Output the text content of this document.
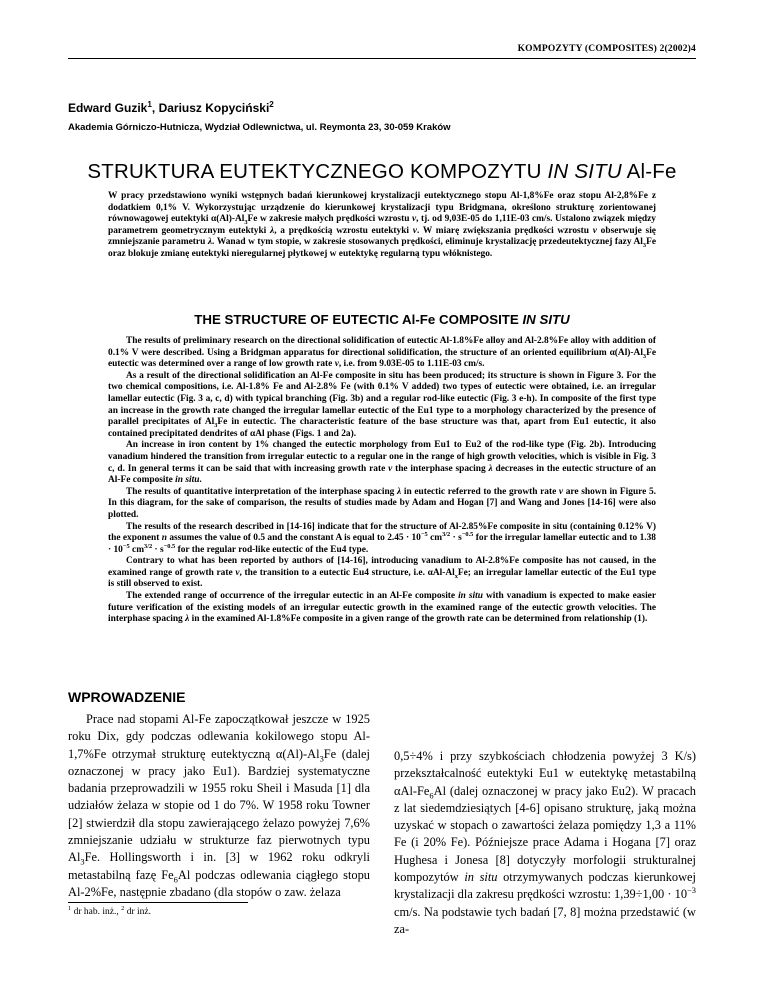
KOMPOZYTY (COMPOSITES) 2(2002)4
Edward Guzik$^1$, Dariusz Kopyciński$^2$
Akademia Górniczo-Hutnicza, Wydział Odlewnictwa, ul. Reymonta 23, 30-059 Kraków
STRUKTURA EUTEKTYCZNEGO KOMPOZYTU IN SITU Al-Fe
W pracy przedstawiono wyniki wstępnych badań kierunkowej krystalizacji eutektycznego stopu Al-1,8%Fe oraz stopu Al-2,8%Fe z dodatkiem 0,1% V. Wykorzystując urządzenie do kierunkowej krystalizacji typu Bridgmana, określono strukturę zorientowanej równowagowej eutektyki $\alpha(Al)-Al_3Fe$ w zakresie małych prędkości wzrostu v, tj. od 9,03E-05 do 1,11E-03 cm/s. Ustalono związek między parametrem geometrycznym eutektyki λ, a prędkością wzrostu eutektyki v. W miarę zwiększania prędkości wzrostu v obserwuje się zmniejszanie parametru λ. Wanad w tym stopie, w zakresie stosowanych prędkości, eliminuje krystalizację przedeutektycznej fazy $Al_3Fe$ oraz blokuje zmianę eutektyki nieregularnej płytkowej w eutektykę regularną typu włóknistego.
THE STRUCTURE OF EUTECTIC Al-Fe COMPOSITE IN SITU

The results of preliminary research on the directional solidification of eutectic Al-1.8%Fe alloy and Al-2.8%Fe alloy with addition of 0.1% V were described. Using a Bridgman apparatus for directional solidification, the structure of an oriented equilibrium $\alpha(Al)-Al_3Fe$ eutectic was determined over a range of low growth rate v, i.e. from 9.03E-05 to 1.11E-03 cm/s.

As a result of the directional solidification an Al-Fe composite in situ has been produced; its structure is shown in Figure 3. For the two chemical compositions, i.e. Al-1.8% Fe and Al-2.8% Fe (with 0.1% V added) two types of eutectic were obtained, i.e. an irregular lamellar eutectic (Fig. 3 a, c, d) with typical branching (Fig. 3b) and a regular rod-like eutectic (Fig. 3 e-h). In composite of the first type an increase in the growth rate changed the irregular lamellar eutectic of the Eu1 type to a morphology characterized by the presence of parallel precipitates of $Al_3Fe$ in eutectic. The characteristic feature of the base structure was that, apart from Eu1 eutectic, it also contained precipitated dendrites of αAl phase (Figs. 1 and 2a).

An increase in iron content by 1% changed the eutectic morphology from Eu1 to Eu2 of the rod-like type (Fig. 2b). Introducing vanadium hindered the transition from irregular eutectic to a regular one in the range of high growth velocities, which is visible in Fig. 3 c, d. In general terms it can be said that with increasing growth rate v the interphase spacing λ decreases in the eutectic structure of an Al-Fe composite in situ.

The results of quantitative interpretation of the interphase spacing λ in eutectic referred to the growth rate v are shown in Figure 5. In this diagram, for the sake of comparison, the results of studies made by Adam and Hogan [7] and Wang and Jones [14-16] were also plotted.

The results of the research described in [14-16] indicate that for the structure of Al-2.85%Fe composite in situ (containing 0.12% V) the exponent n assumes the value of 0.5 and the constant A is equal to $2.45 \cdot 10^{-5}$ $cm^{3/2} \cdot s^{-0.5}$ for the irregular lamellar eutectic and to $1.38 \cdot 10^{-5}$ $cm^{3/2} \cdot s^{-0.5}$ for the regular rod-like eutectic of the Eu4 type.

Contrary to what has been reported by authors of [14-16], introducing vanadium to Al-2.8%Fe composite has not caused, in the examined range of growth rate v, the transition to a eutectic Eu4 structure, i.e. αAl-$Al_xFe$; an irregular lamellar eutectic of the Eu1 type is still observed to exist.

The extended range of occurrence of the irregular eutectic in an Al-Fe composite in situ with vanadium is expected to make easier future verification of the existing models of an irregular eutectic growth in the examined range of the eutectic growth velocities. The interphase spacing λ in the examined Al-1.8%Fe composite in a given range of the growth rate can be determined from relationship (1).

WPROWADZENIE

Prace nad stopami Al-Fe zapoczątkował jeszcze w 1925 roku Dix, gdy podczas odlewania kokilowego stopu Al-1,7%Fe otrzymał strukturę eutektyczną $\alpha(Al)-Al_3Fe$ (dalej oznaczonej w pracy jako Eu1). Bardziej systematyczne badania przeprowadzili w 1955 roku Sheil i Masuda [1] dla udziałów żelaza w stopie od 1 do 7%. W 1958 roku Towner [2] stwierdził dla stopu zawierającego żelazo powyżej 7,6% zmniejszanie udziału w strukturze faz pierwotnych typu $Al_3Fe$. Hollingsworth i in. [3] w 1962 roku odkryli metastabilną fazę $Fe_6Al$ podczas odlewania ciągłego stopu Al-2%Fe, następnie zbadano (dla stopów o zaw. żelaza

0,5÷4% i przy szybkościach chłodzenia powyżej 3 K/s) przekształcalność eutektyki Eu1 w eutektykę metastabilną αAl-$Fe_6Al$ (dalej oznaczonej w pracy jako Eu2). W pracach z lat siedemdziesiątych [4-6] opisano strukturę, jaką można uzyskać w stopach o zawartości żelaza pomiędzy 1,3 a 11% Fe (i 20% Fe). Późniejsze prace Adama i Hogana [7] oraz Hughesa i Jonesa [8] dotyczyły morfologii strukturalnej kompozytów in situ otrzymywanych podczas kierunkowej krystalizacji dla zakresu prędkości wzrostu: $1,39\div 1,00 \cdot 10^{-3}$ cm/s. Na podstawie tych badań [7, 8] można przedstawić (w za-

$^1$ dr hab. inż., $^2$ dr inż.
